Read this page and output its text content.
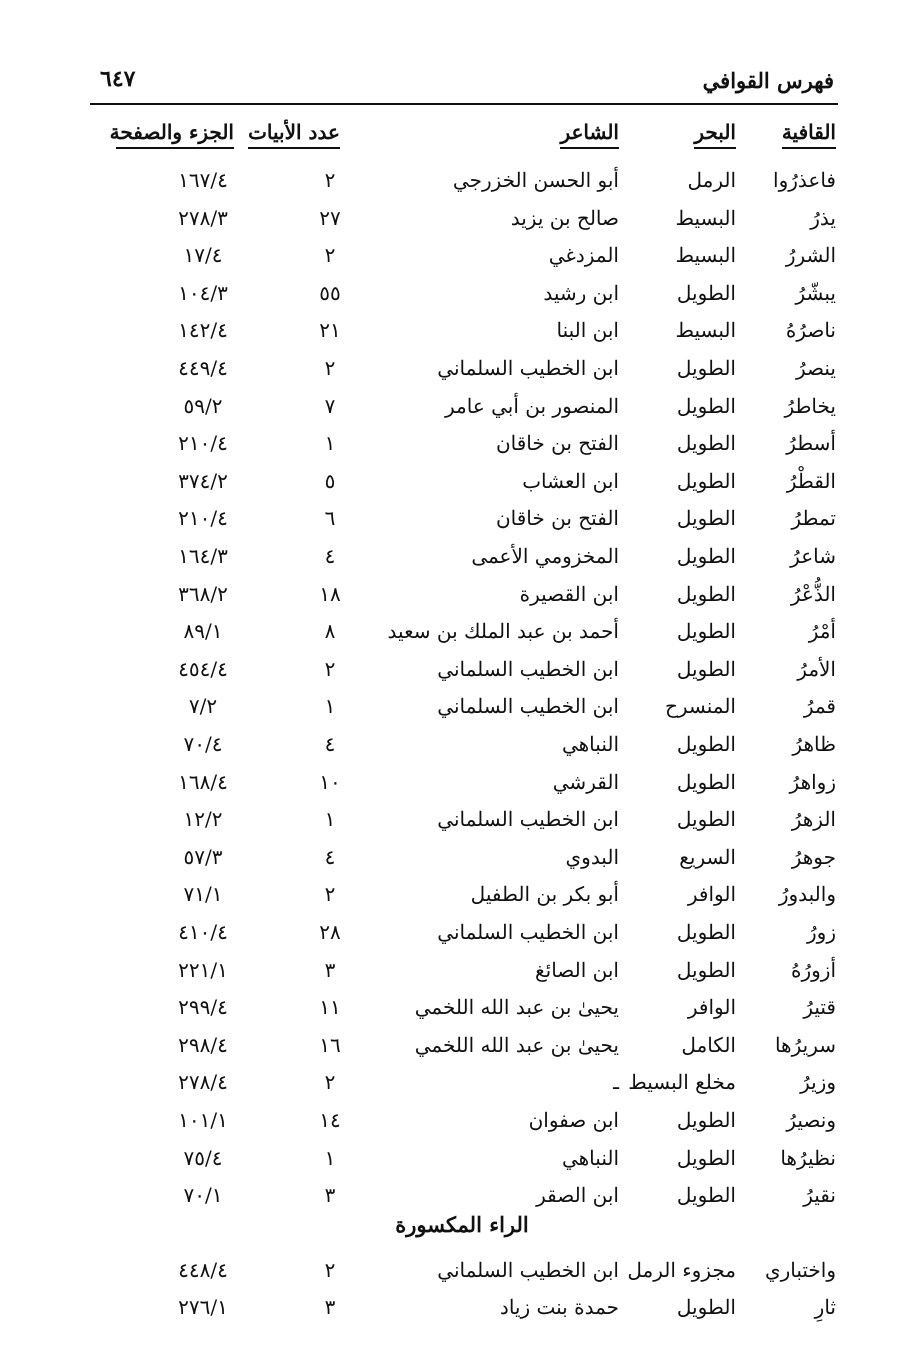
فهرس القوافي
٦٤٧
القافية
البحر
الشاعر
عدد الأبيات
الجزء والصفحة
فاعذرُوا
الرمل
أبو الحسن الخزرجي
٢
١٦٧/٤
يذرُ
البسيط
صالح بن يزيد
٢٧
٢٧٨/٣
الشررُ
البسيط
المزدغي
٢
١٧/٤
يبشّرُ
الطويل
ابن رشيد
٥٥
١٠٤/٣
ناصرُهُ
البسيط
ابن البنا
٢١
١٤٢/٤
ينصرُ
الطويل
ابن الخطيب السلماني
٢
٤٤٩/٤
يخاطرُ
الطويل
المنصور بن أبي عامر
٧
٥٩/٢
أسطرُ
الطويل
الفتح بن خاقان
١
٢١٠/٤
القطْرُ
الطويل
ابن العشاب
٥
٣٧٤/٢
تمطرُ
الطويل
الفتح بن خاقان
٦
٢١٠/٤
شاعرُ
الطويل
المخزومي الأعمى
٤
١٦٤/٣
الذُّعْرُ
الطويل
ابن القصيرة
١٨
٣٦٨/٢
أمْرُ
الطويل
أحمد بن عبد الملك بن سعيد
٨
٨٩/١
الأمرُ
الطويل
ابن الخطيب السلماني
٢
٤٥٤/٤
قمرُ
المنسرح
ابن الخطيب السلماني
١
٧/٢
ظاهرُ
الطويل
النباهي
٤
٧٠/٤
زواهرُ
الطويل
القرشي
١٠
١٦٨/٤
الزهرُ
الطويل
ابن الخطيب السلماني
١
١٢/٢
جوهرُ
السريع
البدوي
٤
٥٧/٣
والبدورُ
الوافر
أبو بكر بن الطفيل
٢
٧١/١
زورُ
الطويل
ابن الخطيب السلماني
٢٨
٤١٠/٤
أزورُهُ
الطويل
ابن الصائغ
٣
٢٢١/١
قتيرُ
الوافر
يحيىٰ بن عبد الله اللخمي
١١
٢٩٩/٤
سريرُها
الكامل
يحيىٰ بن عبد الله اللخمي
١٦
٢٩٨/٤
وزيرُ
مخلع البسيط
ـ
٢
٢٧٨/٤
ونصيرُ
الطويل
ابن صفوان
١٤
١٠١/١
نظيرُها
الطويل
النباهي
١
٧٥/٤
نقيرُ
الطويل
ابن الصقر
٣
٧٠/١
الراء المكسورة
واختباري
مجزوء الرمل
ابن الخطيب السلماني
٢
٤٤٨/٤
ثارِ
الطويل
حمدة بنت زياد
٣
٢٧٦/١
